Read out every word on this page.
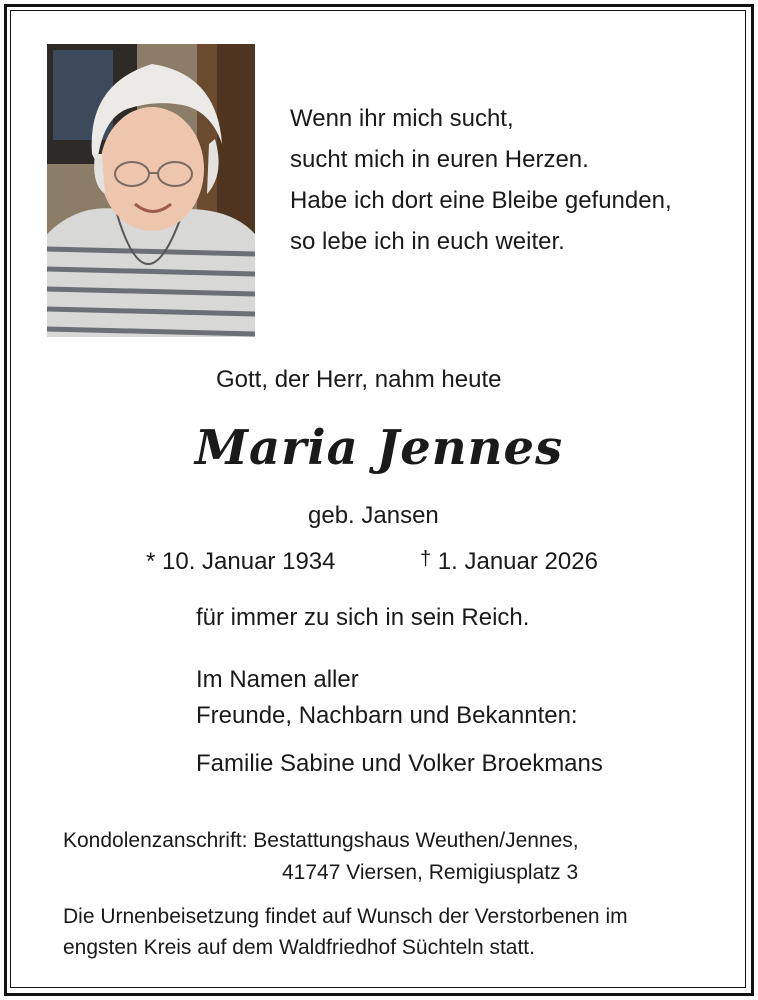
Wenn ihr mich sucht,
sucht mich in euren Herzen.
Habe ich dort eine Bleibe gefunden,
so lebe ich in euch weiter.
Gott, der Herr, nahm heute
Maria Jennes
geb. Jansen
* 10. Januar 1934	† 1. Januar 2026
für immer zu sich in sein Reich.
Im Namen aller
Freunde, Nachbarn und Bekannten:
Familie Sabine und Volker Broekmans
Kondolenzanschrift: Bestattungshaus Weuthen/Jennes,
41747 Viersen, Remigiusplatz 3
Die Urnenbeisetzung findet auf Wunsch der Verstorbenen im
engsten Kreis auf dem Waldfriedhof Süchteln statt.
